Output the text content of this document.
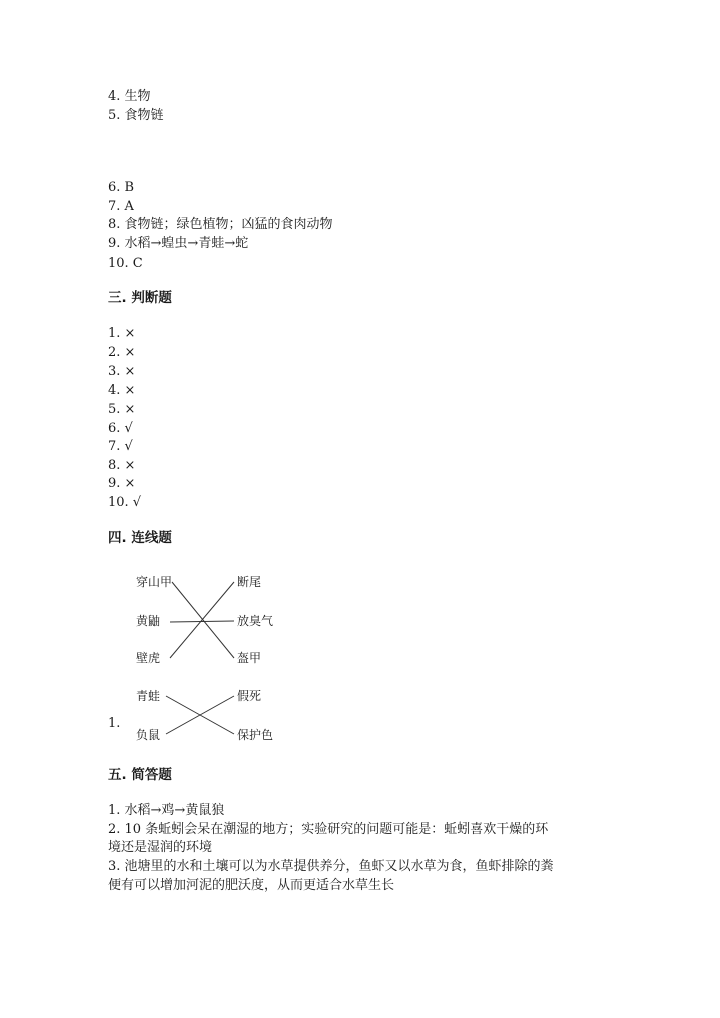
4. 生物
5. 食物链
6. B
7. A
8. 食物链；绿色植物；凶猛的食肉动物
9. 水稻→蝗虫→青蛙→蛇
10. C
三. 判断题
1. ×
2. ×
3. ×
4. ×
5. ×
6. √
7. √
8. ×
9. ×
10. √
四. 连线题
穿山甲
黄鼬
壁虎
断尾
放臭气
盔甲
青蛙
负鼠
假死
保护色
1.
五. 简答题
1. 水稻→鸡→黄鼠狼
2. 10 条蚯蚓会呆在潮湿的地方；实验研究的问题可能是：蚯蚓喜欢干燥的环
境还是湿润的环境
3. 池塘里的水和土壤可以为水草提供养分，鱼虾又以水草为食，鱼虾排除的粪
便有可以增加河泥的肥沃度，从而更适合水草生长
